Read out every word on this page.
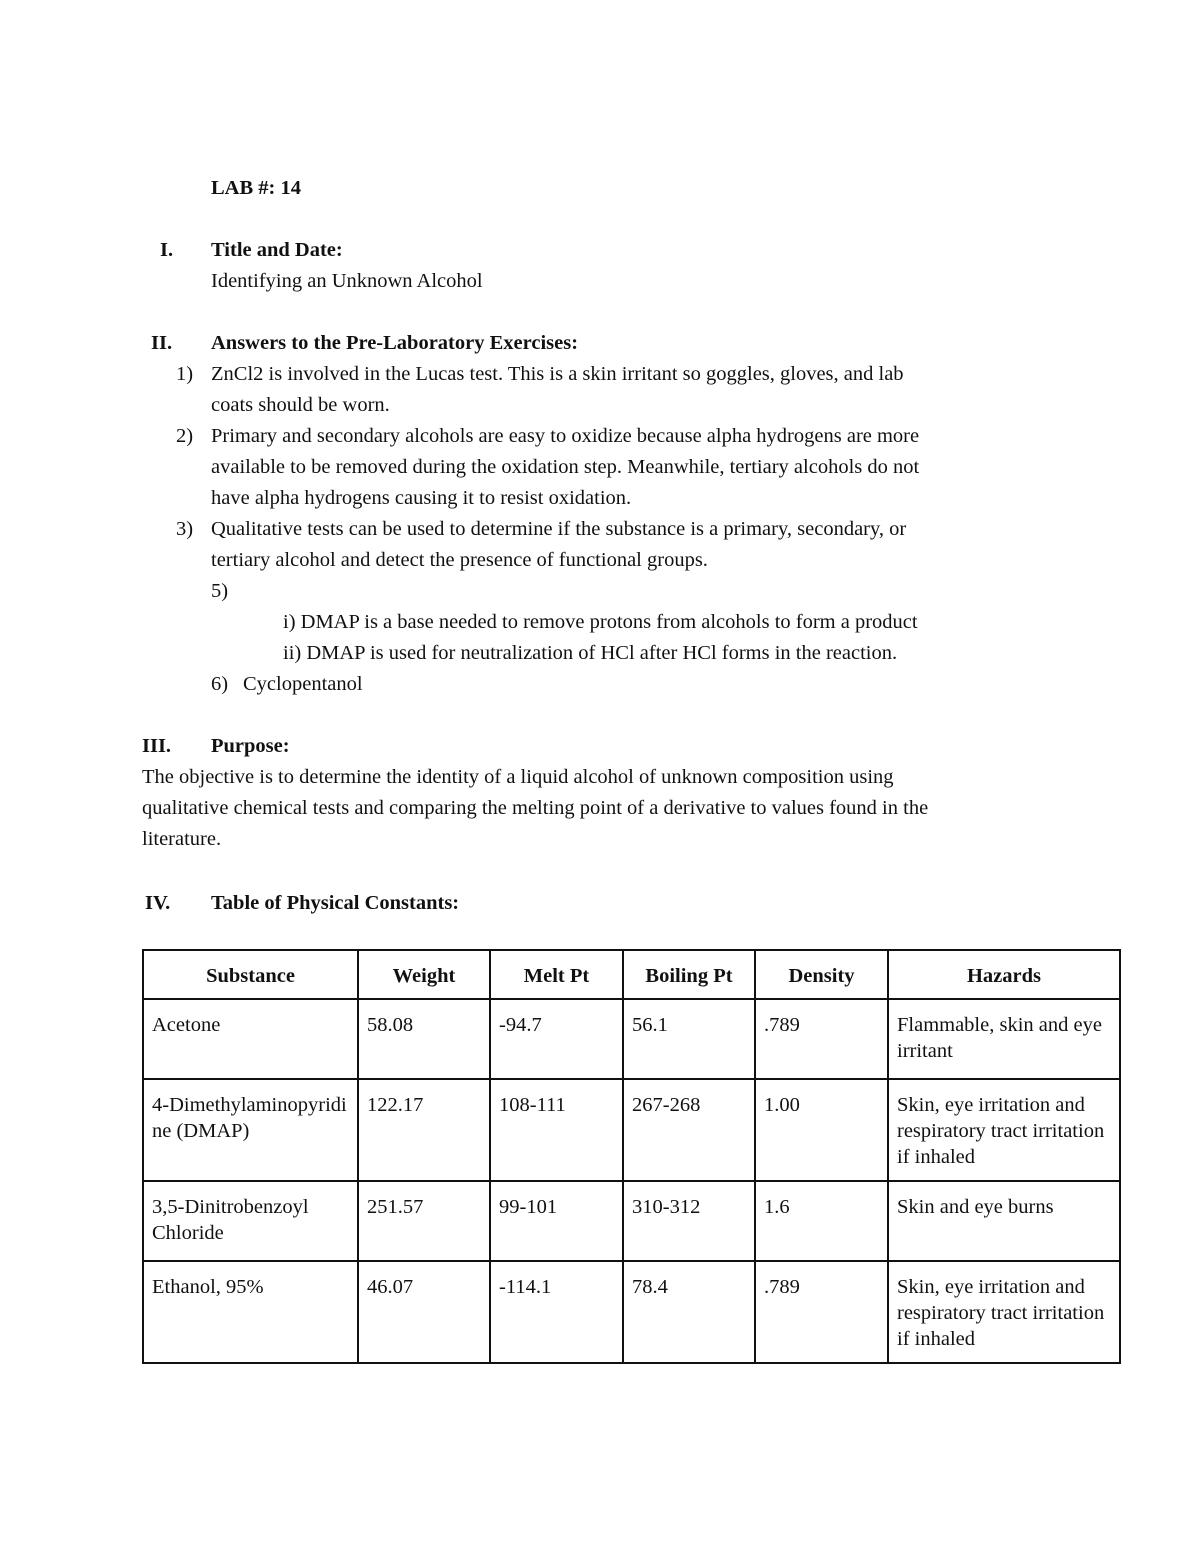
LAB #: 14
I. Title and Date:
Identifying an Unknown Alcohol
II. Answers to the Pre-Laboratory Exercises:
1) ZnCl2 is involved in the Lucas test. This is a skin irritant so goggles, gloves, and lab
coats should be worn.
2) Primary and secondary alcohols are easy to oxidize because alpha hydrogens are more
available to be removed during the oxidation step. Meanwhile, tertiary alcohols do not
have alpha hydrogens causing it to resist oxidation.
3) Qualitative tests can be used to determine if the substance is a primary, secondary, or
tertiary alcohol and detect the presence of functional groups.
5)
i) DMAP is a base needed to remove protons from alcohols to form a product
ii) DMAP is used for neutralization of HCl after HCl forms in the reaction.
6) Cyclopentanol
III. Purpose:
The objective is to determine the identity of a liquid alcohol of unknown composition using
qualitative chemical tests and comparing the melting point of a derivative to values found in the
literature.
IV. Table of Physical Constants:
Substance	Weight	Melt Pt	Boiling Pt	Density	Hazards
Acetone	58.08	-94.7	56.1	.789	Flammable, skin and eye irritant
4-Dimethylaminopyridine (DMAP)	122.17	108-111	267-268	1.00	Skin, eye irritation and respiratory tract irritation if inhaled
3,5-Dinitrobenzoyl Chloride	251.57	99-101	310-312	1.6	Skin and eye burns
Ethanol, 95%	46.07	-114.1	78.4	.789	Skin, eye irritation and respiratory tract irritation if inhaled
